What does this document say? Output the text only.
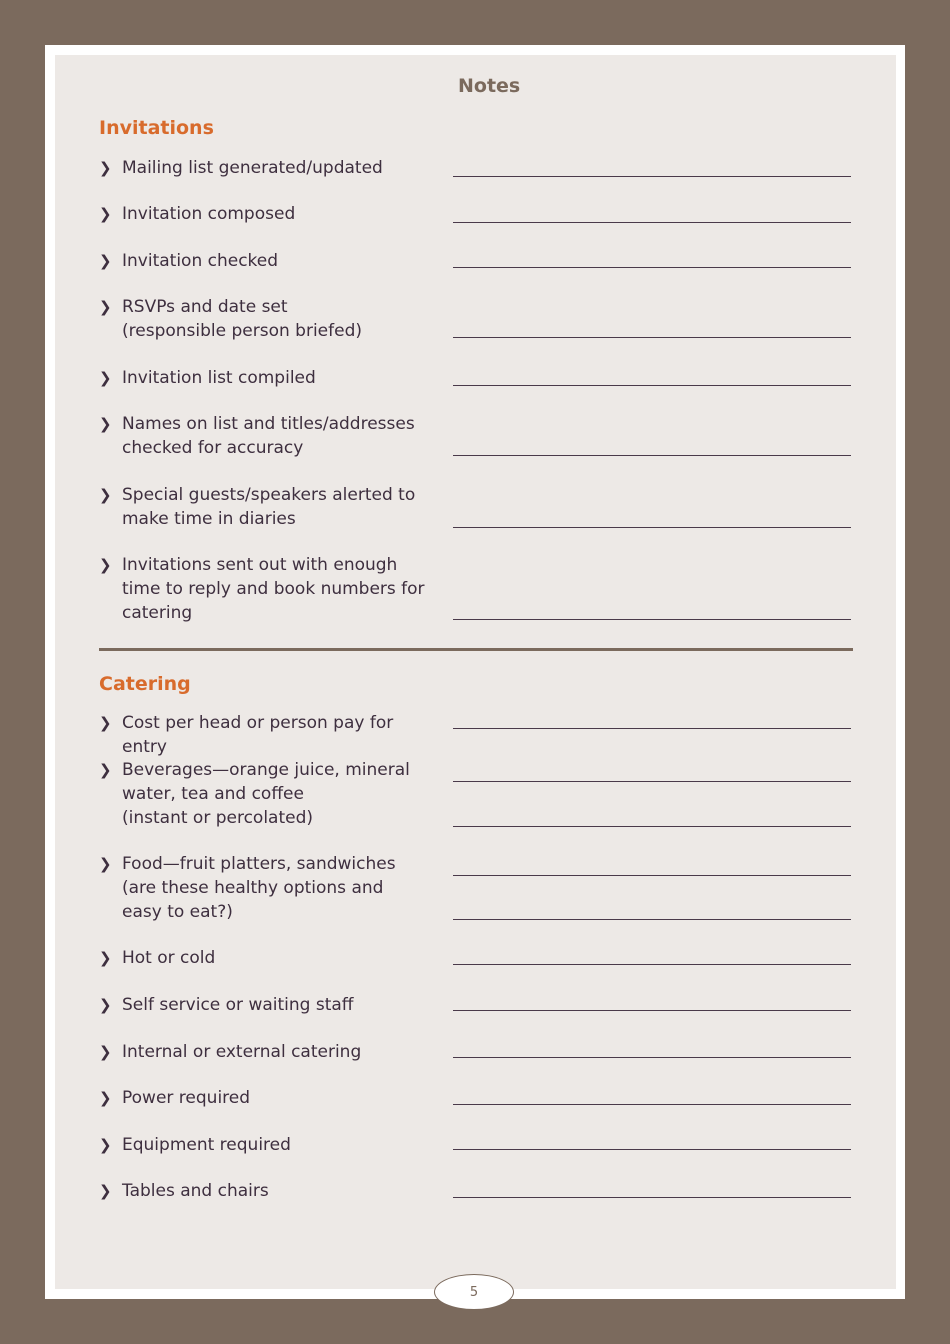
Notes
Invitations
❯ Mailing list generated/updated
❯ Invitation composed
❯ Invitation checked
❯ RSVPs and date set
(responsible person briefed)
❯ Invitation list compiled
❯ Names on list and titles/addresses
checked for accuracy
❯ Special guests/speakers alerted to
make time in diaries
❯ Invitations sent out with enough
time to reply and book numbers for
catering
Catering
❯ Cost per head or person pay for entry
❯ Beverages—orange juice, mineral
water, tea and coffee
(instant or percolated)
❯ Food—fruit platters, sandwiches
(are these healthy options and
easy to eat?)
❯ Hot or cold
❯ Self service or waiting staff
❯ Internal or external catering
❯ Power required
❯ Equipment required
❯ Tables and chairs
5
